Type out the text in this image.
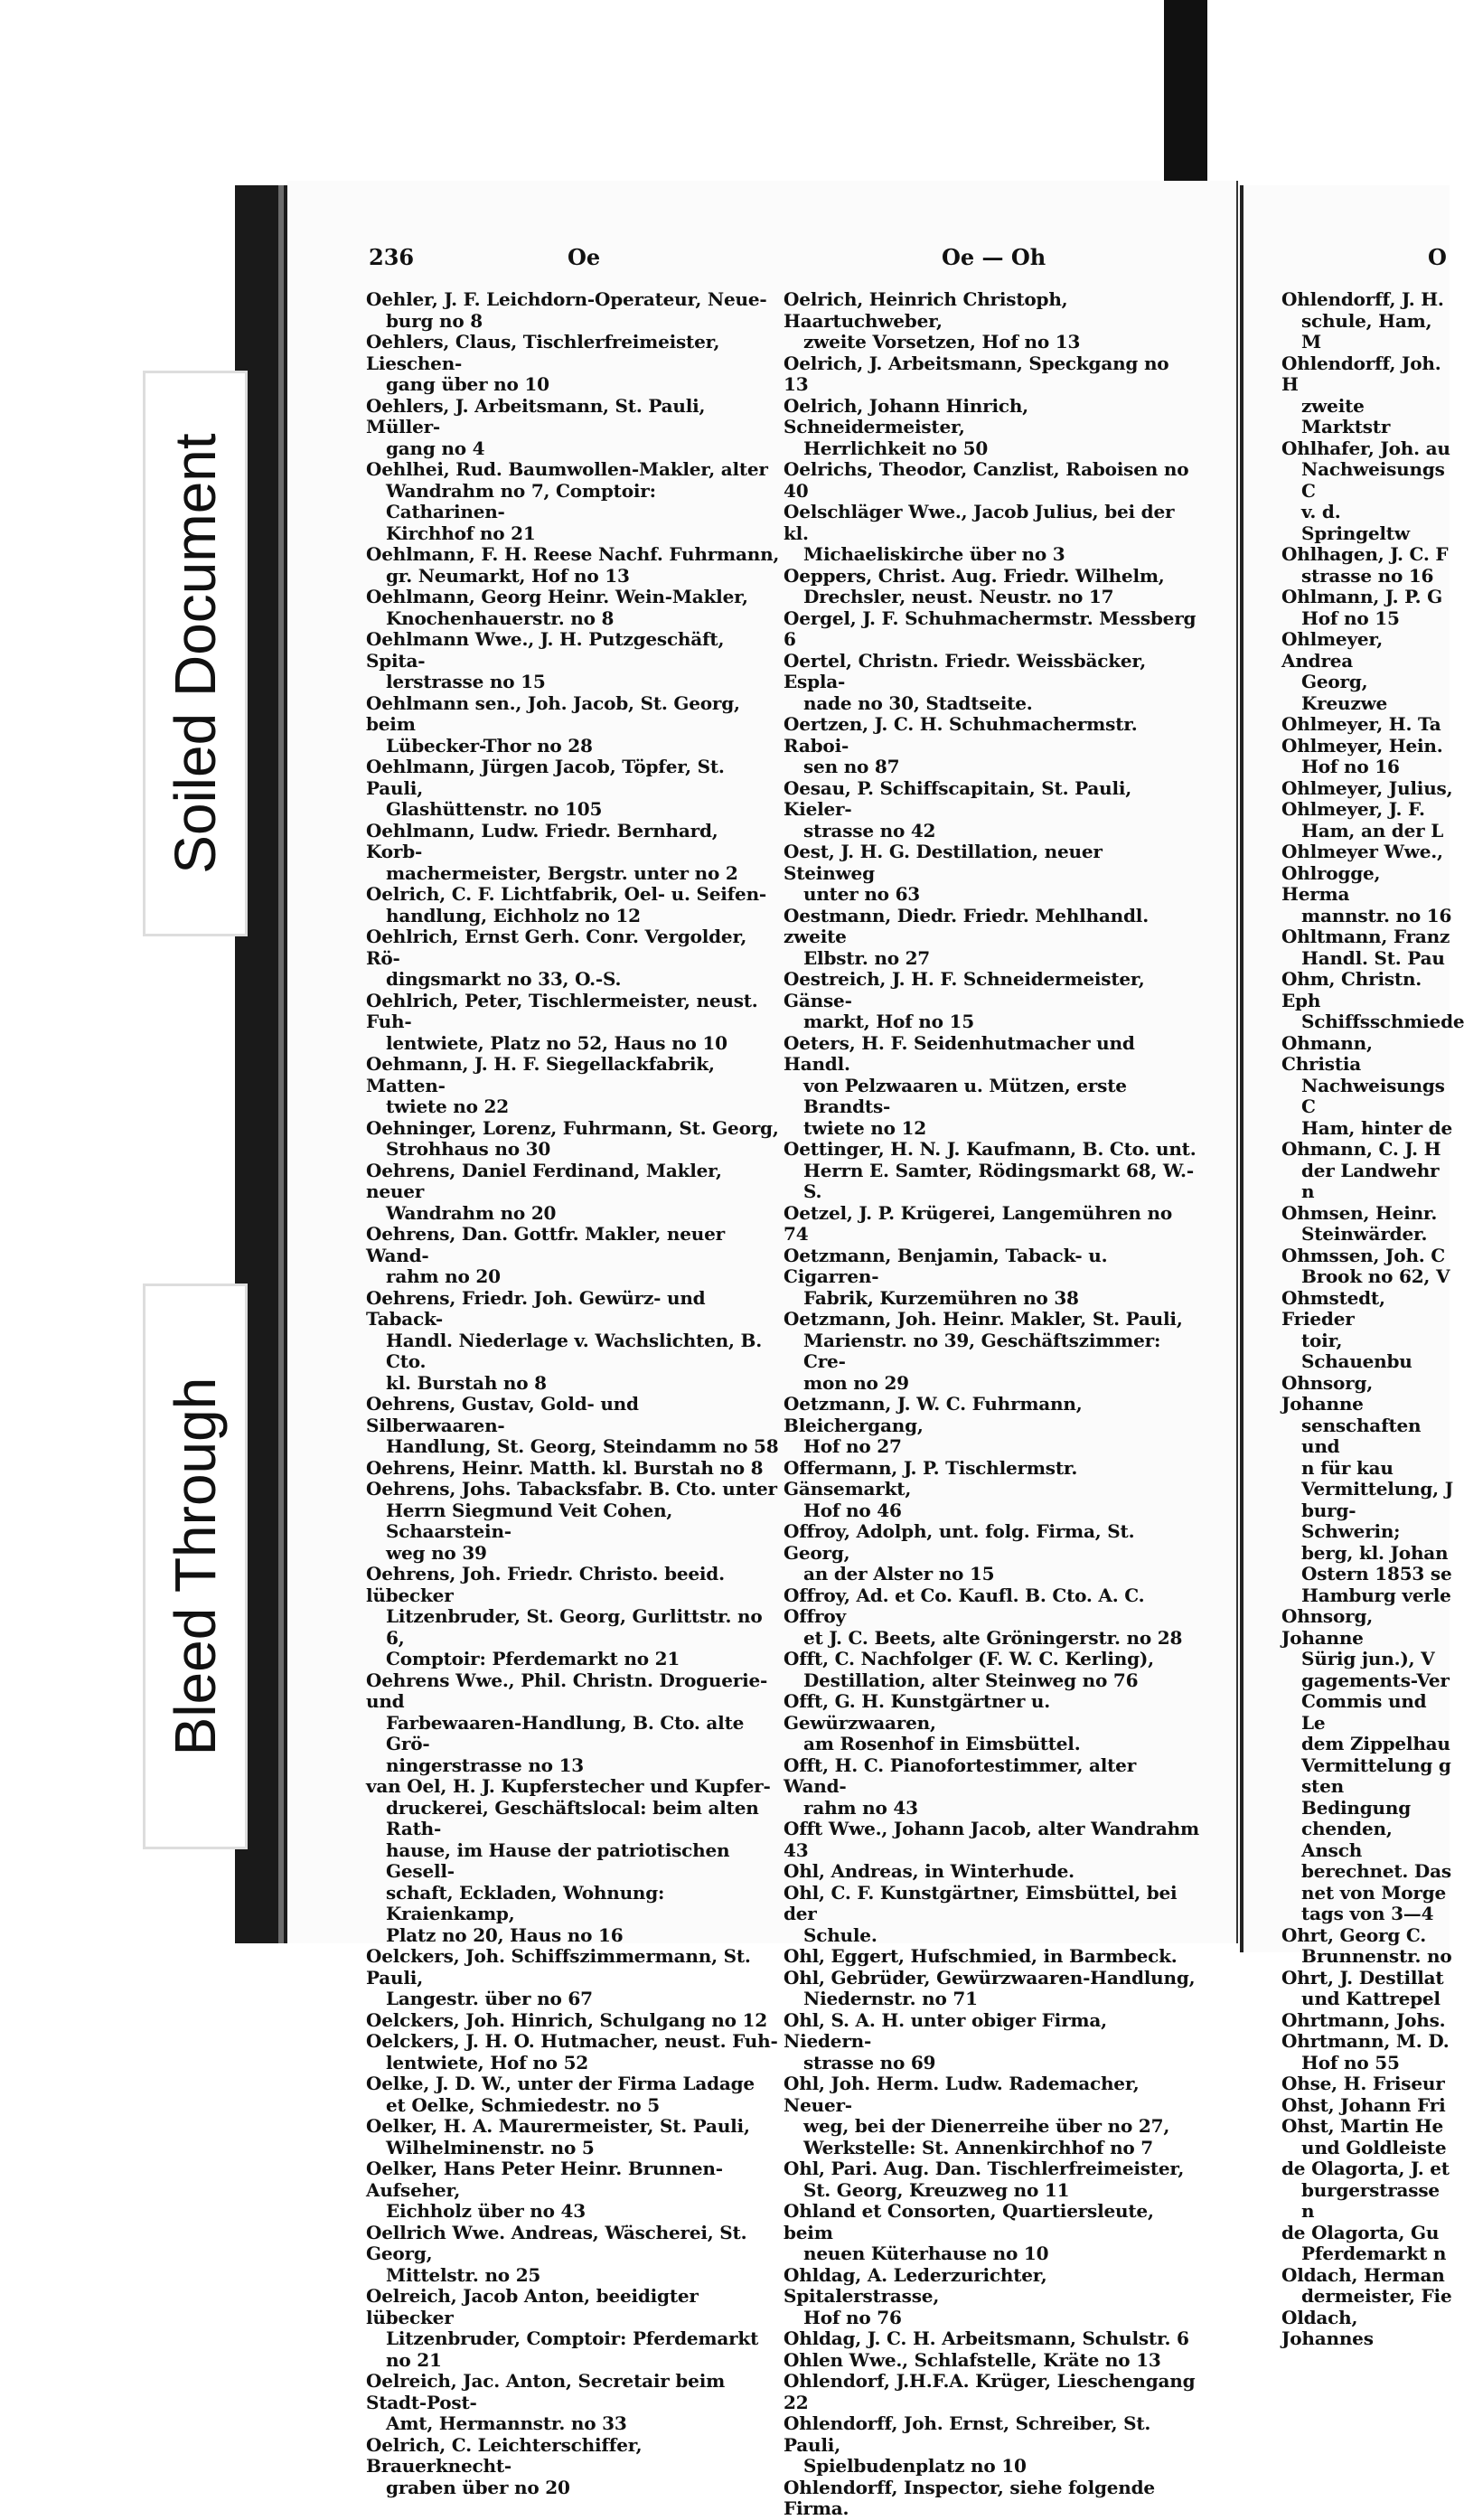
236	Oe	Oe — Oh	O
Oehler, J. F. Leichdorn-Operateur, Neue-
burg no 8
Oehlers, Claus, Tischlerfreimeister, Lieschen-
gang über no 10
Oehlers, J. Arbeitsmann, St. Pauli, Müller-
gang no 4
Oehlhei, Rud. Baumwollen-Makler, alter
Wandrahm no 7, Comptoir: Catharinen-
Kirchhof no 21
Oehlmann, F. H. Reese Nachf. Fuhrmann,
gr. Neumarkt, Hof no 13
Oehlmann, Georg Heinr. Wein-Makler,
Knochenhauerstr. no 8
Oehlmann Wwe., J. H. Putzgeschäft, Spita-
lerstrasse no 15
Oehlmann sen., Joh. Jacob, St. Georg, beim
Lübecker-Thor no 28
Oehlmann, Jürgen Jacob, Töpfer, St. Pauli,
Glashüttenstr. no 105
Oehlmann, Ludw. Friedr. Bernhard, Korb-
machermeister, Bergstr. unter no 2
Oelrich, C. F. Lichtfabrik, Oel- u. Seifen-
handlung, Eichholz no 12
Oehlrich, Ernst Gerh. Conr. Vergolder, Rö-
dingsmarkt no 33, O.-S.
Oehlrich, Peter, Tischlermeister, neust. Fuh-
lentwiete, Platz no 52, Haus no 10
Oehmann, J. H. F. Siegellackfabrik, Matten-
twiete no 22
Oehninger, Lorenz, Fuhrmann, St. Georg,
Strohhaus no 30
Oehrens, Daniel Ferdinand, Makler, neuer
Wandrahm no 20
Oehrens, Dan. Gottfr. Makler, neuer Wand-
rahm no 20
Oehrens, Friedr. Joh. Gewürz- und Taback-
Handl. Niederlage v. Wachslichten, B. Cto.
kl. Burstah no 8
Oehrens, Gustav, Gold- und Silberwaaren-
Handlung, St. Georg, Steindamm no 58
Oehrens, Heinr. Matth. kl. Burstah no 8
Oehrens, Johs. Tabacksfabr. B. Cto. unter
Herrn Siegmund Veit Cohen, Schaarstein-
weg no 39
Oehrens, Joh. Friedr. Christo. beeid. lübecker
Litzenbruder, St. Georg, Gurlittstr. no 6,
Comptoir: Pferdemarkt no 21
Oehrens Wwe., Phil. Christn. Droguerie- und
Farbewaaren-Handlung, B. Cto. alte Grö-
ningerstrasse no 13
van Oel, H. J. Kupferstecher und Kupfer-
druckerei, Geschäftslocal: beim alten Rath-
hause, im Hause der patriotischen Gesell-
schaft, Eckladen, Wohnung: Kraienkamp,
Platz no 20, Haus no 16
Oelckers, Joh. Schiffszimmermann, St. Pauli,
Langestr. über no 67
Oelckers, Joh. Hinrich, Schulgang no 12
Oelckers, J. H. O. Hutmacher, neust. Fuh-
lentwiete, Hof no 52
Oelke, J. D. W., unter der Firma Ladage
et Oelke, Schmiedestr. no 5
Oelker, H. A. Maurermeister, St. Pauli,
Wilhelminenstr. no 5
Oelker, Hans Peter Heinr. Brunnen-Aufseher,
Eichholz über no 43
Oellrich Wwe. Andreas, Wäscherei, St. Georg,
Mittelstr. no 25
Oelreich, Jacob Anton, beeidigter lübecker
Litzenbruder, Comptoir: Pferdemarkt no 21
Oelreich, Jac. Anton, Secretair beim Stadt-Post-
Amt, Hermannstr. no 33
Oelrich, C. Leichterschiffer, Brauerknecht-
graben über no 20
Oelrich, Heinrich Christoph, Haartuchweber,
zweite Vorsetzen, Hof no 13
Oelrich, J. Arbeitsmann, Speckgang no 13
Oelrich, Johann Hinrich, Schneidermeister,
Herrlichkeit no 50
Oelrichs, Theodor, Canzlist, Raboisen no 40
Oelschläger Wwe., Jacob Julius, bei der kl.
Michaeliskirche über no 3
Oeppers, Christ. Aug. Friedr. Wilhelm,
Drechsler, neust. Neustr. no 17
Oergel, J. F. Schuhmachermstr. Messberg 6
Oertel, Christn. Friedr. Weissbäcker, Espla-
nade no 30, Stadtseite.
Oertzen, J. C. H. Schuhmachermstr. Raboi-
sen no 87
Oesau, P. Schiffscapitain, St. Pauli, Kieler-
strasse no 42
Oest, J. H. G. Destillation, neuer Steinweg
unter no 63
Oestmann, Diedr. Friedr. Mehlhandl. zweite
Elbstr. no 27
Oestreich, J. H. F. Schneidermeister, Gänse-
markt, Hof no 15
Oeters, H. F. Seidenhutmacher und Handl.
von Pelzwaaren u. Mützen, erste Brandts-
twiete no 12
Oettinger, H. N. J. Kaufmann, B. Cto. unt.
Herrn E. Samter, Rödingsmarkt 68, W.-S.
Oetzel, J. P. Krügerei, Langemühren no 74
Oetzmann, Benjamin, Taback- u. Cigarren-
Fabrik, Kurzemühren no 38
Oetzmann, Joh. Heinr. Makler, St. Pauli,
Marienstr. no 39, Geschäftszimmer: Cre-
mon no 29
Oetzmann, J. W. C. Fuhrmann, Bleichergang,
Hof no 27
Offermann, J. P. Tischlermstr. Gänsemarkt,
Hof no 46
Offroy, Adolph, unt. folg. Firma, St. Georg,
an der Alster no 15
Offroy, Ad. et Co. Kaufl. B. Cto. A. C. Offroy
et J. C. Beets, alte Gröningerstr. no 28
Offt, C. Nachfolger (F. W. C. Kerling),
Destillation, alter Steinweg no 76
Offt, G. H. Kunstgärtner u. Gewürzwaaren,
am Rosenhof in Eimsbüttel.
Offt, H. C. Pianofortestimmer, alter Wand-
rahm no 43
Offt Wwe., Johann Jacob, alter Wandrahm 43
Ohl, Andreas, in Winterhude.
Ohl, C. F. Kunstgärtner, Eimsbüttel, bei der
Schule.
Ohl, Eggert, Hufschmied, in Barmbeck.
Ohl, Gebrüder, Gewürzwaaren-Handlung,
Niedernstr. no 71
Ohl, S. A. H. unter obiger Firma, Niedern-
strasse no 69
Ohl, Joh. Herm. Ludw. Rademacher, Neuer-
weg, bei der Dienerreihe über no 27,
Werkstelle: St. Annenkirchhof no 7
Ohl, Pari. Aug. Dan. Tischlerfreimeister,
St. Georg, Kreuzweg no 11
Ohland et Consorten, Quartiersleute, beim
neuen Küterhause no 10
Ohldag, A. Lederzurichter, Spitalerstrasse,
Hof no 76
Ohldag, J. C. H. Arbeitsmann, Schulstr. 6
Ohlen Wwe., Schlafstelle, Kräte no 13
Ohlendorf, J.H.F.A. Krüger, Lieschengang 22
Ohlendorff, Joh. Ernst, Schreiber, St. Pauli,
Spielbudenplatz no 10
Ohlendorff, Inspector, siehe folgende Firma.
Ohlendorff, J. H.
schule, Ham, M
Ohlendorff, Joh. H
zweite Marktstr
Ohlhafer, Joh. au
Nachweisungs C
v. d. Springeltw
Ohlhagen, J. C. F
strasse no 16
Ohlmann, J. P. G
Hof no 15
Ohlmeyer, Andrea
Georg, Kreuzwe
Ohlmeyer, H. Ta
Ohlmeyer, Hein.
Hof no 16
Ohlmeyer, Julius,
Ohlmeyer, J. F.
Ham, an der L
Ohlmeyer Wwe.,
Ohlrogge, Herma
mannstr. no 16
Ohltmann, Franz
Handl. St. Pau
Ohm, Christn. Eph
Schiffsschmiede
Ohmann, Christia
Nachweisungs C
Ham, hinter de
Ohmann, C. J. H
der Landwehr n
Ohmsen, Heinr.
Steinwärder.
Ohmssen, Joh. C
Brook no 62, V
Ohmstedt, Frieder
toir, Schauenbu
Ohnsorg, Johanne
senschaften und
n für kau
Vermittelung, J
burg-Schwerin;
berg, kl. Johan
Ostern 1853 se
Hamburg verle
Ohnsorg, Johanne
Sürig jun.), V
gagements-Ver
Commis und Le
dem Zippelhau
Vermittelung g
sten Bedingung
chenden, Ansch
berechnet. Das
net von Morge
tags von 3—4
Ohrt, Georg C.
Brunnenstr. no
Ohrt, J. Destillat
und Kattrepel
Ohrtmann, Johs.
Ohrtmann, M. D.
Hof no 55
Ohse, H. Friseur
Ohst, Johann Fri
Ohst, Martin He
und Goldleiste
de Olagorta, J. et
burgerstrasse n
de Olagorta, Gu
Pferdemarkt n
Oldach, Herman
dermeister, Fie
Oldach, Johannes
Soiled Document
Bleed Through
